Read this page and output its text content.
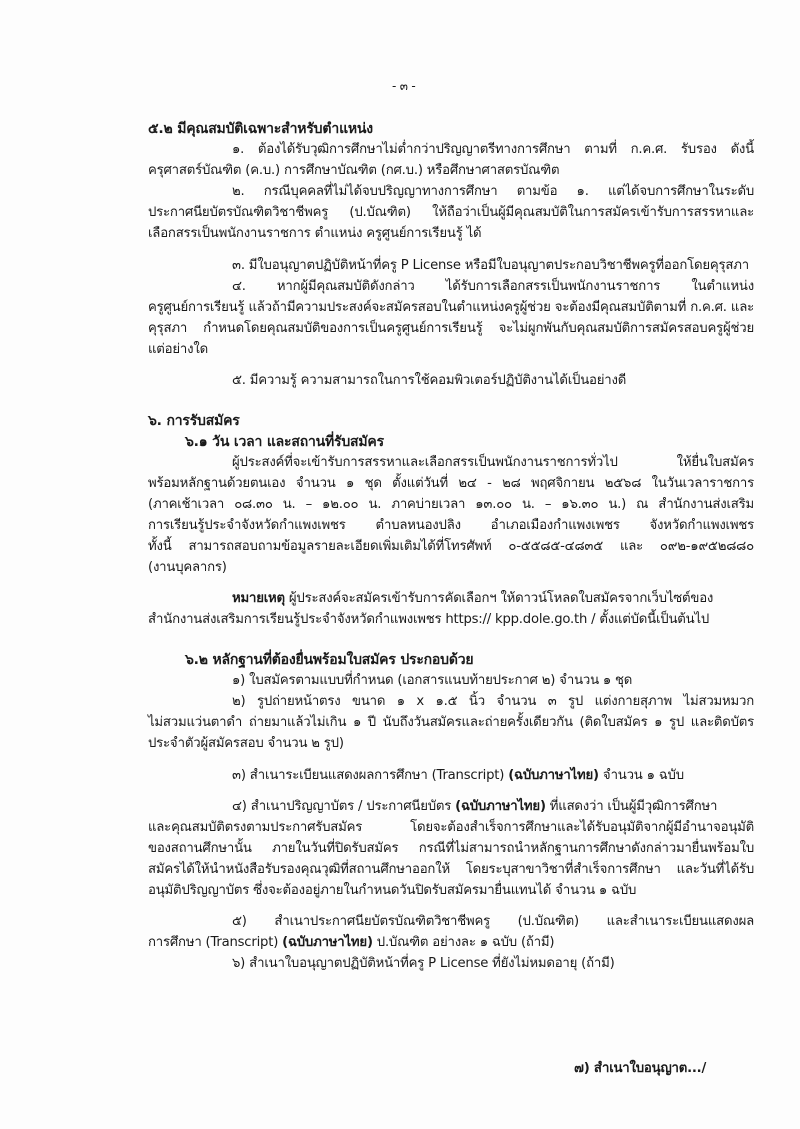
- ๓ -
๕.๒ มีคุณสมบัติเฉพาะสำหรับตำแหน่ง
๑. ต้องได้รับวุฒิการศึกษาไม่ต่ำกว่าปริญญาตรีทางการศึกษา ตามที่ ก.ค.ศ. รับรอง ดังนี้
ครุศาสตร์บัณฑิต (ค.บ.) การศึกษาบัณฑิต (กศ.บ.) หรือศึกษาศาสตรบัณฑิต
๒. กรณีบุคคลที่ไม่ได้จบปริญญาทางการศึกษา ตามข้อ ๑. แต่ได้จบการศึกษาในระดับ
ประกาศนียบัตรบัณฑิตวิชาชีพครู (ป.บัณฑิต) ให้ถือว่าเป็นผู้มีคุณสมบัติในการสมัครเข้ารับการสรรหาและ
เลือกสรรเป็นพนักงานราชการ ตำแหน่ง ครูศูนย์การเรียนรู้ ได้
๓. มีใบอนุญาตปฏิบัติหน้าที่ครู P License หรือมีใบอนุญาตประกอบวิชาชีพครูที่ออกโดยคุรุสภา
๔. หากผู้มีคุณสมบัติดังกล่าว ได้รับการเลือกสรรเป็นพนักงานราชการ ในตำแหน่ง
ครูศูนย์การเรียนรู้ แล้วถ้ามีความประสงค์จะสมัครสอบในตำแหน่งครูผู้ช่วย จะต้องมีคุณสมบัติตามที่ ก.ค.ศ. และ
คุรุสภา กำหนดโดยคุณสมบัติของการเป็นครูศูนย์การเรียนรู้ จะไม่ผูกพันกับคุณสมบัติการสมัครสอบครูผู้ช่วย
แต่อย่างใด
๕. มีความรู้ ความสามารถในการใช้คอมพิวเตอร์ปฏิบัติงานได้เป็นอย่างดี
๖. การรับสมัคร
๖.๑ วัน เวลา และสถานที่รับสมัคร
ผู้ประสงค์ที่จะเข้ารับการสรรหาและเลือกสรรเป็นพนักงานราชการทั่วไป ให้ยื่นใบสมัคร
พร้อมหลักฐานด้วยตนเอง จำนวน ๑ ชุด ตั้งแต่วันที่ ๒๔ - ๒๘ พฤศจิกายน ๒๕๖๘ ในวันเวลาราชการ
(ภาคเช้าเวลา ๐๘.๓๐ น. – ๑๒.๐๐ น. ภาคบ่ายเวลา ๑๓.๐๐ น. – ๑๖.๓๐ น.) ณ สำนักงานส่งเสริม
การเรียนรู้ประจำจังหวัดกำแพงเพชร ตำบลหนองปลิง อำเภอเมืองกำแพงเพชร จังหวัดกำแพงเพชร
ทั้งนี้ สามารถสอบถามข้อมูลรายละเอียดเพิ่มเติมได้ที่โทรศัพท์ ๐-๕๕๘๕-๔๘๓๕ และ ๐๙๒-๑๙๕๒๘๘๐
(งานบุคลากร)
หมายเหตุ ผู้ประสงค์จะสมัครเข้ารับการคัดเลือกฯ ให้ดาวน์โหลดใบสมัครจากเว็บไซต์ของ
สำนักงานส่งเสริมการเรียนรู้ประจำจังหวัดกำแพงเพชร https:// kpp.dole.go.th / ตั้งแต่บัดนี้เป็นต้นไป
๖.๒ หลักฐานที่ต้องยื่นพร้อมใบสมัคร ประกอบด้วย
๑) ใบสมัครตามแบบที่กำหนด (เอกสารแนบท้ายประกาศ ๒) จำนวน ๑ ชุด
๒) รูปถ่ายหน้าตรง ขนาด ๑ x ๑.๕ นิ้ว จำนวน ๓ รูป แต่งกายสุภาพ ไม่สวมหมวก
ไม่สวมแว่นตาดำ ถ่ายมาแล้วไม่เกิน ๑ ปี นับถึงวันสมัครและถ่ายครั้งเดียวกัน (ติดใบสมัคร ๑ รูป และติดบัตร
ประจำตัวผู้สมัครสอบ จำนวน ๒ รูป)
๓) สำเนาระเบียนแสดงผลการศึกษา (Transcript) (ฉบับภาษาไทย) จำนวน ๑ ฉบับ
๔) สำเนาปริญญาบัตร / ประกาศนียบัตร (ฉบับภาษาไทย) ที่แสดงว่า เป็นผู้มีวุฒิการศึกษา
และคุณสมบัติตรงตามประกาศรับสมัคร โดยจะต้องสำเร็จการศึกษาและได้รับอนุมัติจากผู้มีอำนาจอนุมัติ
ของสถานศึกษานั้น ภายในวันที่ปิดรับสมัคร กรณีที่ไม่สามารถนำหลักฐานการศึกษาดังกล่าวมายื่นพร้อมใบ
สมัครได้ให้นำหนังสือรับรองคุณวุฒิที่สถานศึกษาออกให้ โดยระบุสาขาวิชาที่สำเร็จการศึกษา และวันที่ได้รับ
อนุมัติปริญญาบัตร ซึ่งจะต้องอยู่ภายในกำหนดวันปิดรับสมัครมายื่นแทนได้ จำนวน ๑ ฉบับ
๕) สำเนาประกาศนียบัตรบัณฑิตวิชาชีพครู (ป.บัณฑิต) และสำเนาระเบียนแสดงผล
การศึกษา (Transcript) (ฉบับภาษาไทย) ป.บัณฑิต อย่างละ ๑ ฉบับ (ถ้ามี)
๖) สำเนาใบอนุญาตปฏิบัติหน้าที่ครู P License ที่ยังไม่หมดอายุ (ถ้ามี)
๗) สำเนาใบอนุญาต.../
